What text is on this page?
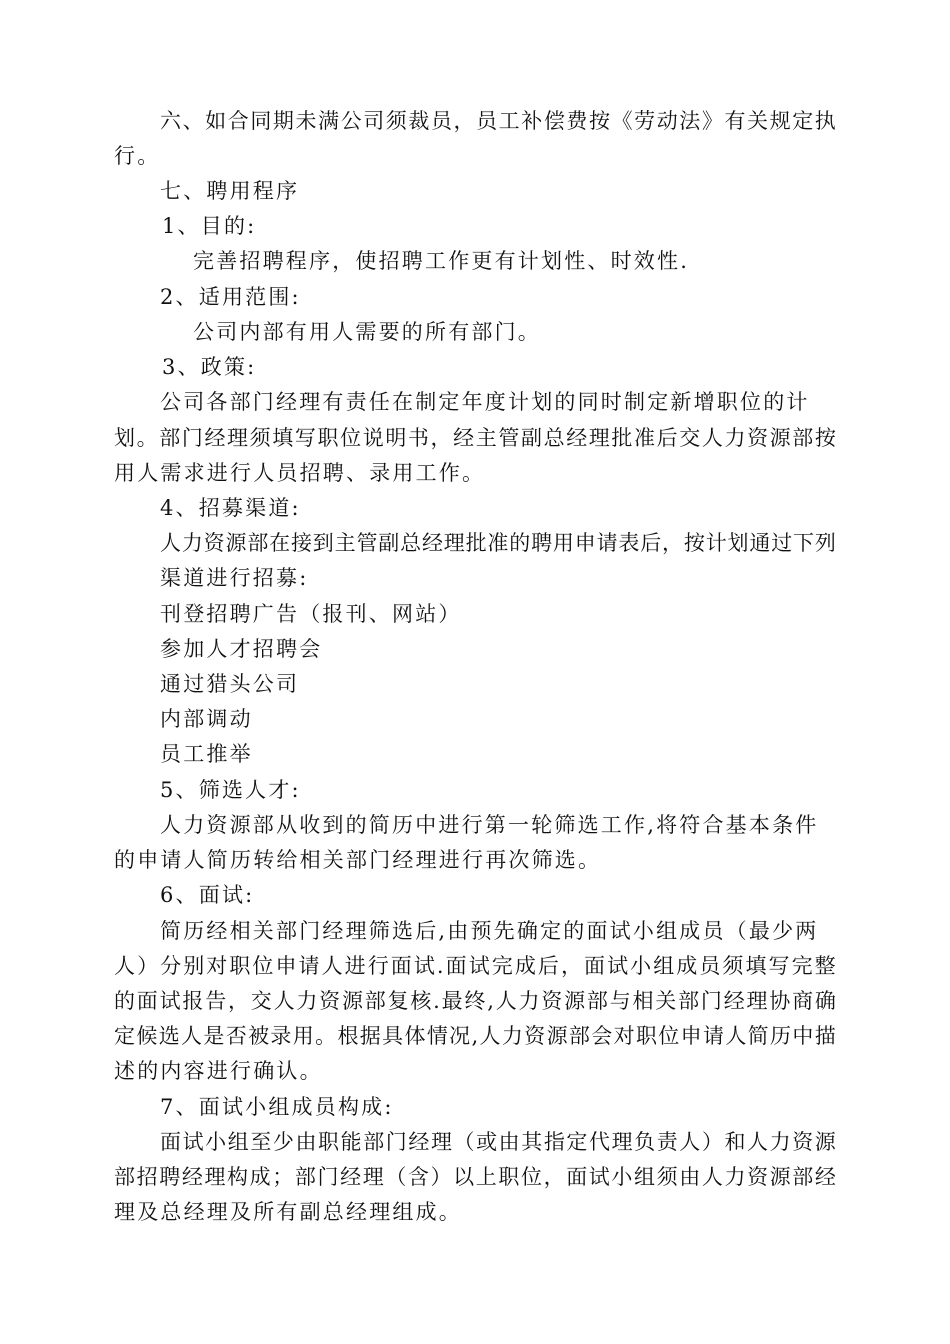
六 、 如 合 同 期 未 满 公 司 须 裁 员 ， 员 工 补 偿 费 按 《 劳 动 法 》 有 关 规 定 执
行。
七、聘用程序
1、目的:
完善招聘程序，使招聘工作更有计划性、时效性.
2、适用范围:
公司内部有用人需要的所有部门。
3、政策:
公司各部门经理有责任在制定年度计划的同时制定新增职位的计
划 。 部 门 经 理 须 填 写 职 位 说 明 书 ， 经 主 管 副 总 经 理 批 准 后 交 人 力 资 源 部 按
用人需求进行人员招聘、录用工作。
4、招募渠道:
人 力 资 源 部 在 接 到 主 管 副 总 经 理 批 准 的 聘 用 申 请 表 后 ， 按 计 划 通 过 下 列
渠道进行招募:
刊登招聘广告（报刊、网站）
参加人才招聘会
通过猎头公司
内部调动
员工推举
5、筛选人才:
人力资源部从收到的简历中进行第一轮筛选工作,将符合基本条件
的申请人简历转给相关部门经理进行再次筛选。
6、面试:
简历经相关部门经理筛选后,由预先确定的面试小组成员（最少两
人 ） 分 别 对 职 位 申 请 人 进 行 面 试 . 面 试 完 成 后 ， 面 试 小 组 成 员 须 填 写 完 整
的 面 试 报 告 ， 交 人 力 资 源 部 复 核 . 最 终 , 人 力 资 源 部 与 相 关 部 门 经 理 协 商 确
定 候 选 人 是 否 被 录 用 。 根 据 具 体 情 况 , 人 力 资 源 部 会 对 职 位 申 请 人 简 历 中 描
述的内容进行确认。
7、面试小组成员构成:
面 试 小 组 至 少 由 职 能 部 门 经 理 （ 或 由 其 指 定 代 理 负 责 人 ） 和 人 力 资 源
部 招 聘 经 理 构 成 ； 部 门 经 理 （ 含 ） 以 上 职 位 ， 面 试 小 组 须 由 人 力 资 源 部 经
理及总经理及所有副总经理组成。
